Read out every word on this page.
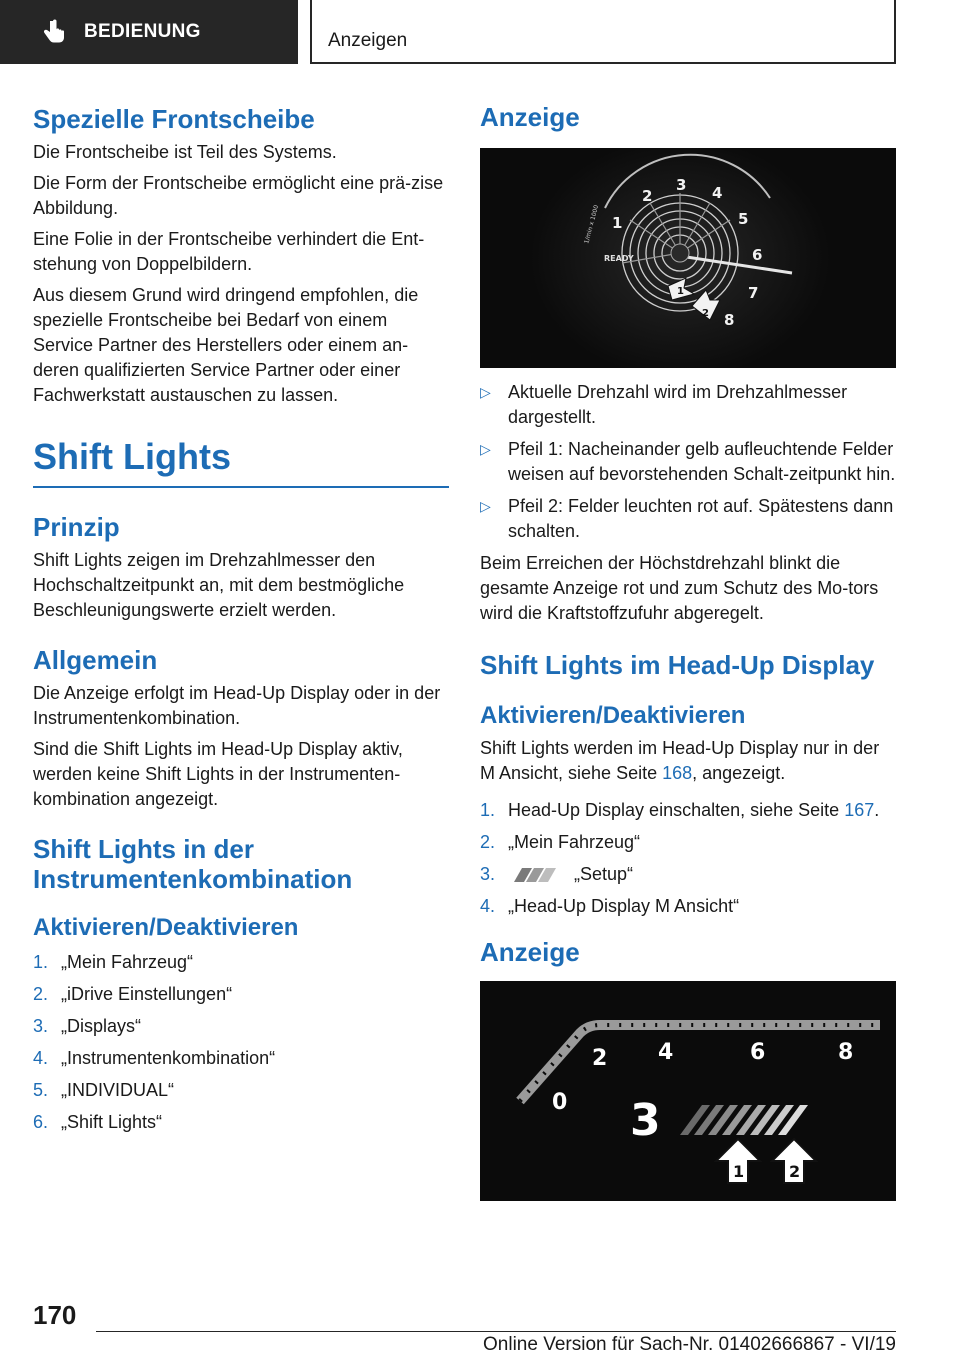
BEDIENUNG	Anzeigen
Spezielle Frontscheibe

Die Frontscheibe ist Teil des Systems.

Die Form der Frontscheibe ermöglicht eine prä-zise Abbildung.

Eine Folie in der Frontscheibe verhindert die Ent-stehung von Doppelbildern.

Aus diesem Grund wird dringend empfohlen, die spezielle Frontscheibe bei Bedarf von einem Service Partner des Herstellers oder einem an-deren qualifizierten Service Partner oder einer Fachwerkstatt austauschen zu lassen.

Shift Lights
Prinzip

Shift Lights zeigen im Drehzahlmesser den Hochschaltzeitpunkt an, mit dem bestmögliche Beschleunigungswerte erzielt werden.

Allgemein

Die Anzeige erfolgt im Head-Up Display oder in der Instrumentenkombination.

Sind die Shift Lights im Head-Up Display aktiv, werden keine Shift Lights in der Instrumenten-kombination angezeigt.

Shift Lights in der Instrumentenkombination
Aktivieren/Deaktivieren
1. „Mein Fahrzeug“
2. „iDrive Einstellungen“
3. „Displays“
4. „Instrumentenkombination“
5. „INDIVIDUAL“
6. „Shift Lights“
Anzeige
1
2
3 4
5
6
7
8
READY
1/min x 1000
1
2
▷ Aktuelle Drehzahl wird im Drehzahlmesser dargestellt.
▷ Pfeil 1: Nacheinander gelb aufleuchtende Felder weisen auf bevorstehenden Schalt-zeitpunkt hin.
▷ Pfeil 2: Felder leuchten rot auf. Spätestens dann schalten.

Beim Erreichen der Höchstdrehzahl blinkt die gesamte Anzeige rot und zum Schutz des Mo-tors wird die Kraftstoffzufuhr abgeregelt.

Shift Lights im Head-Up Display
Aktivieren/Deaktivieren

Shift Lights werden im Head-Up Display nur in der M Ansicht, siehe Seite 168, angezeigt.

1. Head-Up Display einschalten, siehe Seite 167.
2. „Mein Fahrzeug“
3.	„Setup“
4. „Head-Up Display M Ansicht“
Anzeige
0
2 4	6	8
3
1	2
170
Online Version für Sach-Nr. 01402666867 - VI/19
